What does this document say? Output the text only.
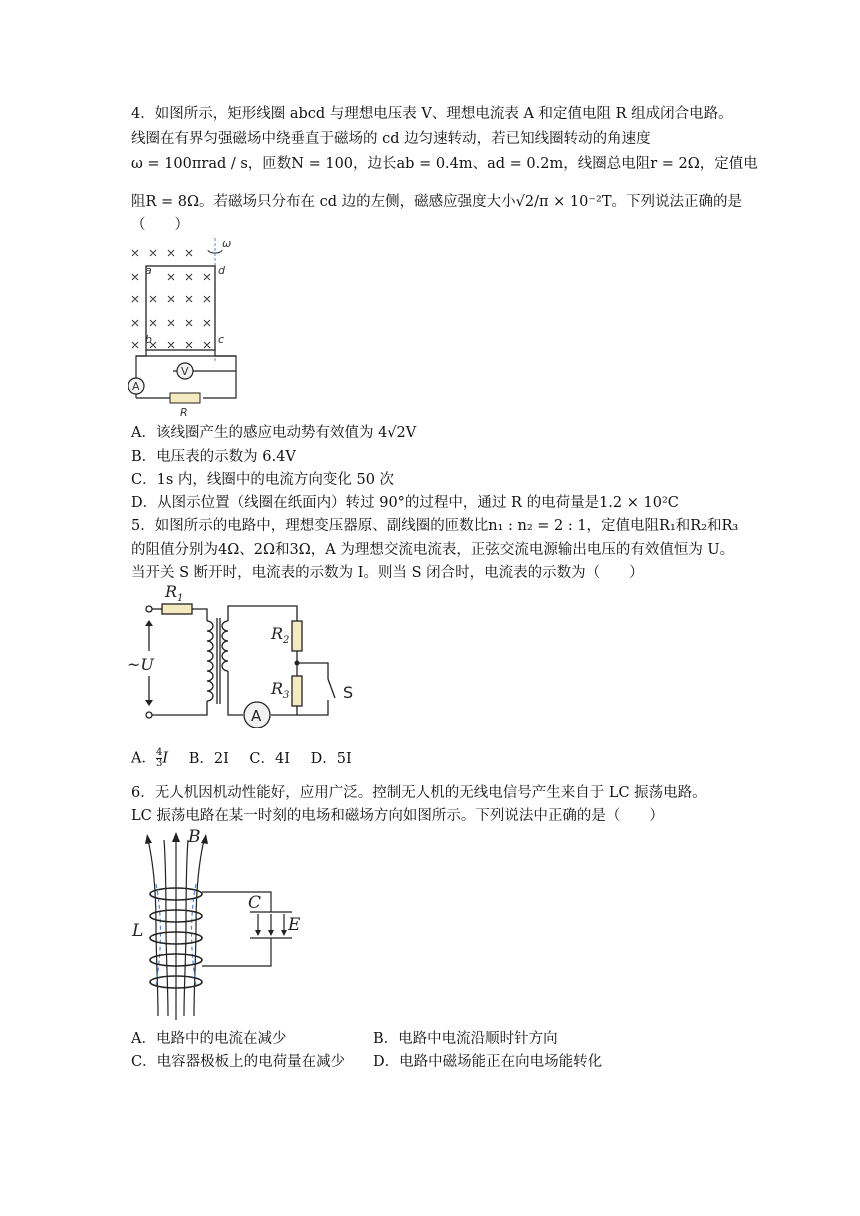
4．如图所示，矩形线圈 abcd 与理想电压表 V、理想电流表 A 和定值电阻 R 组成闭合电路。
线圈在有界匀强磁场中绕垂直于磁场的 cd 边匀速转动，若已知线圈转动的角速度
ω = 100πrad / s，匝数N = 100，边长ab = 0.4m、ad = 0.2m，线圈总电阻r = 2Ω，定值电
阻R = 8Ω。若磁场只分布在 cd 边的左侧，磁感应强度大小√2/π × 10⁻²T。下列说法正确的是
（　　）
ω
a	d
b	c
A
V
R
A．该线圈产生的感应电动势有效值为 4√2V
B．电压表的示数为 6.4V
C．1s 内，线圈中的电流方向变化 50 次
D．从图示位置（线圈在纸面内）转过 90°的过程中，通过 R 的电荷量是1.2 × 10²C
5．如图所示的电路中，理想变压器原、副线圈的匝数比n₁ : n₂ = 2 : 1，定值电阻R₁和R₂和R₃
的阻值分别为4Ω、2Ω和3Ω，A 为理想交流电流表，正弦交流电源输出电压的有效值恒为 U。
当开关 S 断开时，电流表的示数为 I。则当 S 闭合时，电流表的示数为（　　）
$R_1$
$R_2$
$R_3$
~U
S
A
A． $\frac{4}{3}$ I B．2I C．4I D．5I
6．无人机因机动性能好，应用广泛。控制无人机的无线电信号产生来自于 LC 振荡电路。
LC 振荡电路在某一时刻的电场和磁场方向如图所示。下列说法中正确的是（　　）
B
C
E
L
A．电路中的电流在减少	B．电路中电流沿顺时针方向
C．电容器极板上的电荷量在减少 D．电路中磁场能正在向电场能转化
